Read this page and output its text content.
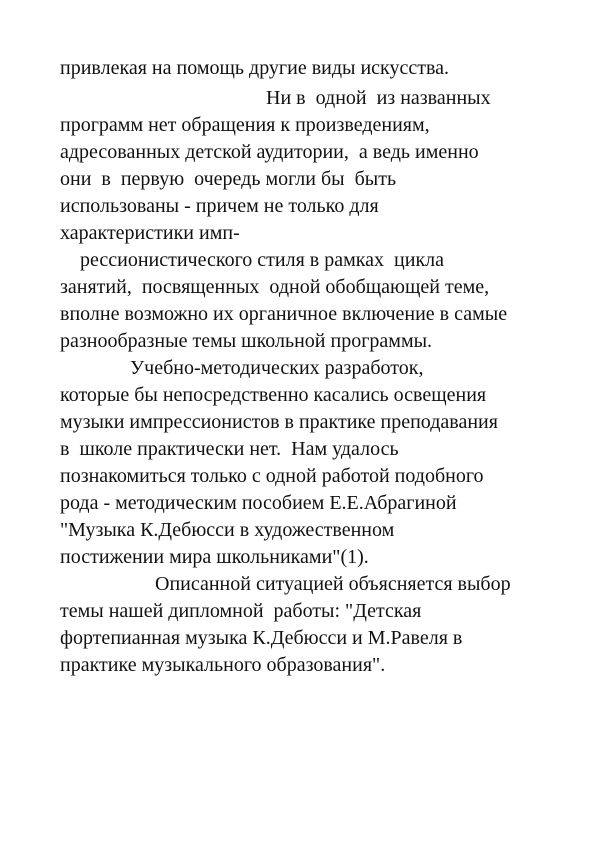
привлекая на помощь другие виды искусства.
Ни в  одной  из названных
программ нет обращения к произведениям,
адресованных детской аудитории,  а ведь именно
они  в  первую  очередь могли бы  быть
использованы - причем не только для
характеристики имп-
рессионистического стиля в рамках  цикла
занятий,  посвященных  одной обобщающей теме,
вполне возможно их органичное включение в самые
разнообразные темы школьной программы.
Учебно-методических разработок,
которые бы непосредственно касались освещения
музыки импрессионистов в практике преподавания
в  школе практически нет.  Нам удалось
познакомиться только с одной работой подобного
рода - методическим пособием Е.Е.Абрагиной
"Музыка К.Дебюсси в художественном
постижении мира школьниками"(1).
Описанной ситуацией объясняется выбор
темы нашей дипломной  работы: "Детская
фортепианная музыка К.Дебюсси и М.Равеля в
практике музыкального образования".
